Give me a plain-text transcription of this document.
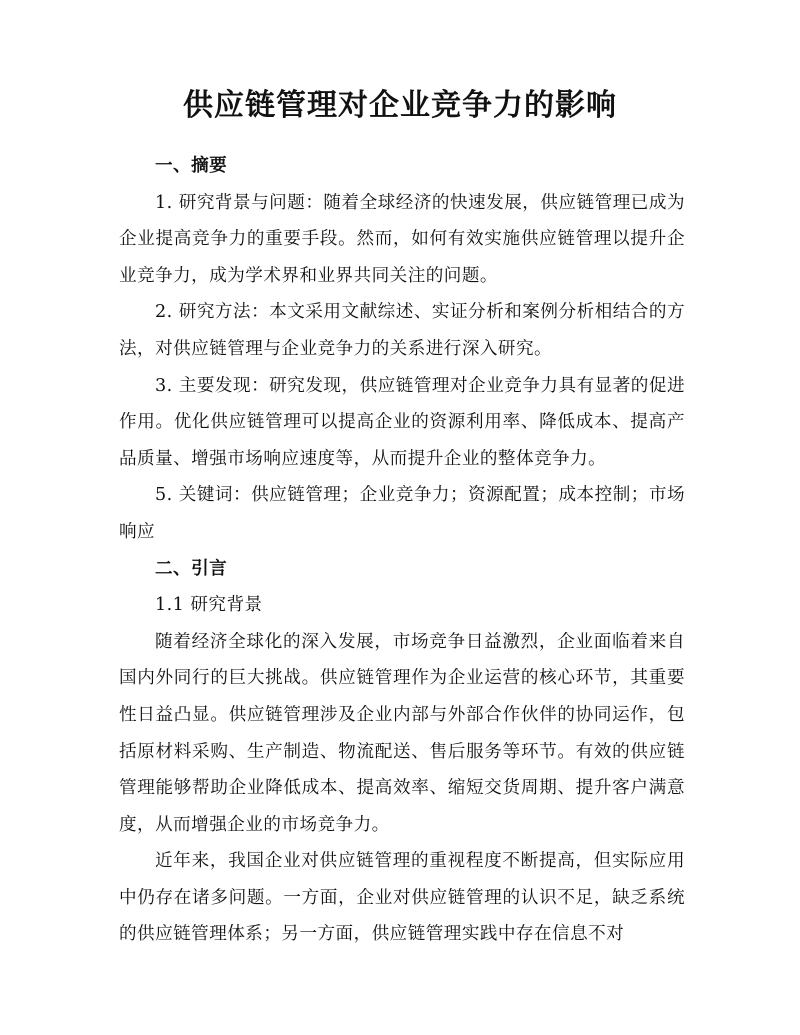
供应链管理对企业竞争力的影响

一、摘要

1. 研究背景与问题：随着全球经济的快速发展，供应链管理已成为企业提高竞争力的重要手段。然而，如何有效实施供应链管理以提升企业竞争力，成为学术界和业界共同关注的问题。

2. 研究方法：本文采用文献综述、实证分析和案例分析相结合的方法，对供应链管理与企业竞争力的关系进行深入研究。

3. 主要发现：研究发现，供应链管理对企业竞争力具有显著的促进作用。优化供应链管理可以提高企业的资源利用率、降低成本、提高产品质量、增强市场响应速度等，从而提升企业的整体竞争力。

5. 关键词：供应链管理；企业竞争力；资源配置；成本控制；市场响应

二、引言

1.1 研究背景

随着经济全球化的深入发展，市场竞争日益激烈，企业面临着来自国内外同行的巨大挑战。供应链管理作为企业运营的核心环节，其重要性日益凸显。供应链管理涉及企业内部与外部合作伙伴的协同运作，包括原材料采购、生产制造、物流配送、售后服务等环节。有效的供应链管理能够帮助企业降低成本、提高效率、缩短交货周期、提升客户满意度，从而增强企业的市场竞争力。

近年来，我国企业对供应链管理的重视程度不断提高，但实际应用中仍存在诸多问题。一方面，企业对供应链管理的认识不足，缺乏系统的供应链管理体系；另一方面，供应链管理实践中存在信息不对
